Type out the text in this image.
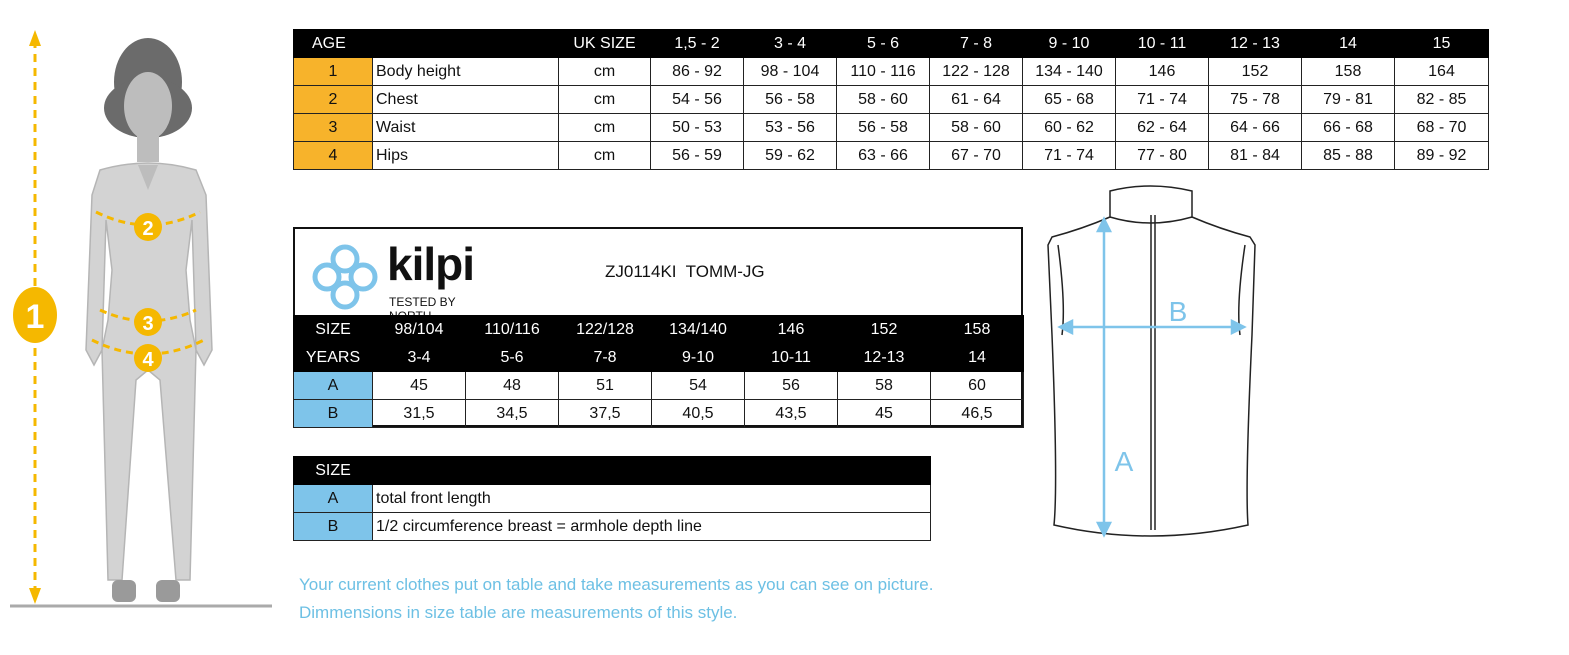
1
2
3
4
AGE		UK SIZE	1,5 - 2	3 - 4	5 - 6	7 - 8	9 - 10	10 - 11	12 - 13	14	15
1	Body height	cm	86 - 92	98 - 104	110 - 116	122 - 128	134 - 140	146	152	158	164
2	Chest	cm	54 - 56	56 - 58	58 - 60	61 - 64	65 - 68	71 - 74	75 - 78	79 - 81	82 - 85
3	Waist	cm	50 - 53	53 - 56	56 - 58	58 - 60	60 - 62	62 - 64	64 - 66	66 - 68	68 - 70
4	Hips	cm	56 - 59	59 - 62	63 - 66	67 - 70	71 - 74	77 - 80	81 - 84	85 - 88	89 - 92
kilpi
TESTED BY
ZJ0114KI  TOMM-JG
SIZE	98/104	110/116	122/128	134/140	146	152	158
YEARS	3-4	5-6	7-8	9-10	10-11	12-13	14
A	45	48	51	54	56	58	60
B	31,5	34,5	37,5	40,5	43,5	45	46,5
SIZE	
A	total front length
B	1/2 circumference breast = armhole depth line
A
B
Your current clothes put on table and take measurements as you can see on picture.
Dimmensions in size table are measurements of this style.
